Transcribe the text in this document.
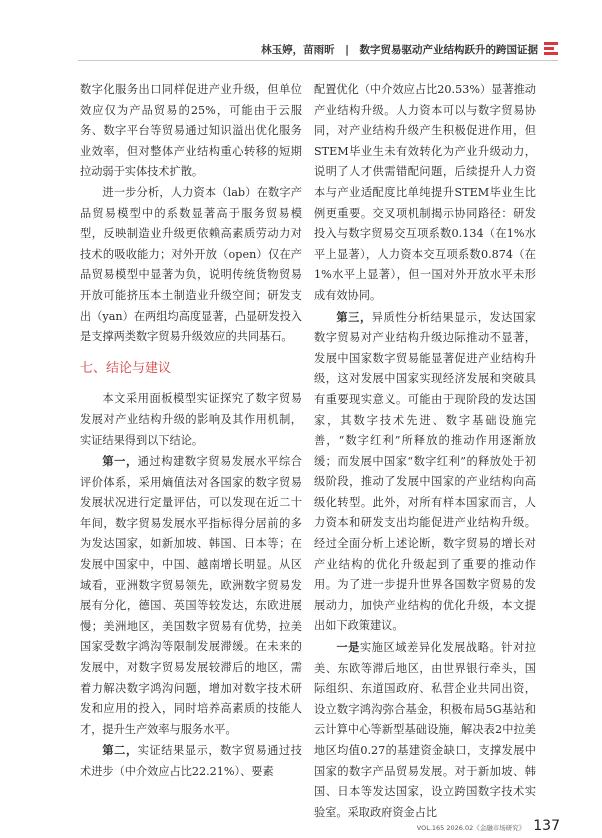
林玉婷，苗雨昕　|　数字贸易驱动产业结构跃升的跨国证据

数字化服务出口同样促进产业升级，但单位效应仅为产品贸易的25%，可能由于云服务、数字平台等贸易通过知识溢出优化服务业效率，但对整体产业结构重心转移的短期拉动弱于实体技术扩散。

进一步分析，人力资本（lab）在数字产品贸易模型中的系数显著高于服务贸易模型，反映制造业升级更依赖高素质劳动力对技术的吸收能力；对外开放（open）仅在产品贸易模型中显著为负，说明传统货物贸易开放可能挤压本土制造业升级空间；研发支出（yan）在两组均高度显著，凸显研发投入是支撑两类数字贸易升级效应的共同基石。

七、结论与建议

本文采用面板模型实证探究了数字贸易发展对产业结构升级的影响及其作用机制，实证结果得到以下结论。

第一，通过构建数字贸易发展水平综合评价体系，采用熵值法对各国家的数字贸易发展状况进行定量评估，可以发现在近二十年间，数字贸易发展水平指标得分居前的多为发达国家，如新加坡、韩国、日本等；在发展中国家中，中国、越南增长明显。从区域看，亚洲数字贸易领先，欧洲数字贸易发展有分化，德国、英国等较发达，东欧进展慢；美洲地区，美国数字贸易有优势，拉美国家受数字鸿沟等限制发展滞缓。在未来的发展中，对数字贸易发展较滞后的地区，需着力解决数字鸿沟问题，增加对数字技术研发和应用的投入，同时培养高素质的技能人才，提升生产效率与服务水平。

第二，实证结果显示，数字贸易通过技术进步（中介效应占比22.21%）、要素

配置优化（中介效应占比20.53%）显著推动产业结构升级。人力资本可以与数字贸易协同，对产业结构升级产生积极促进作用，但STEM毕业生未有效转化为产业升级动力，说明了人才供需错配问题，后续提升人力资本与产业适配度比单纯提升STEM毕业生比例更重要。交叉项机制揭示协同路径：研发投入与数字贸易交互项系数0.134（在1%水平上显著），人力资本交互项系数0.874（在1%水平上显著），但一国对外开放水平未形成有效协同。

第三，异质性分析结果显示，发达国家数字贸易对产业结构升级边际推动不显著，发展中国家数字贸易能显著促进产业结构升级，这对发展中国家实现经济发展和突破具有重要现实意义。可能由于现阶段的发达国家，其数字技术先进、数字基础设施完善，“数字红利”所释放的推动作用逐渐放缓；而发展中国家“数字红利”的释放处于初级阶段，推动了发展中国家的产业结构向高级化转型。此外，对所有样本国家而言，人力资本和研发支出均能促进产业结构升级。经过全面分析上述论断，数字贸易的增长对产业结构的优化升级起到了重要的推动作用。为了进一步提升世界各国数字贸易的发展动力，加快产业结构的优化升级，本文提出如下政策建议。

一是实施区域差异化发展战略。针对拉美、东欧等滞后地区，由世界银行牵头，国际组织、东道国政府、私营企业共同出资，设立数字鸿沟弥合基金，积极布局5G基站和云计算中心等新型基础设施，解决表2中拉美地区均值0.27的基建资金缺口，支撑发展中国家的数字产品贸易发展。对于新加坡、韩国、日本等发达国家，设立跨国数字技术实验室。采取政府资金占比

VOL.165 2026.02《金融市场研究》 137
